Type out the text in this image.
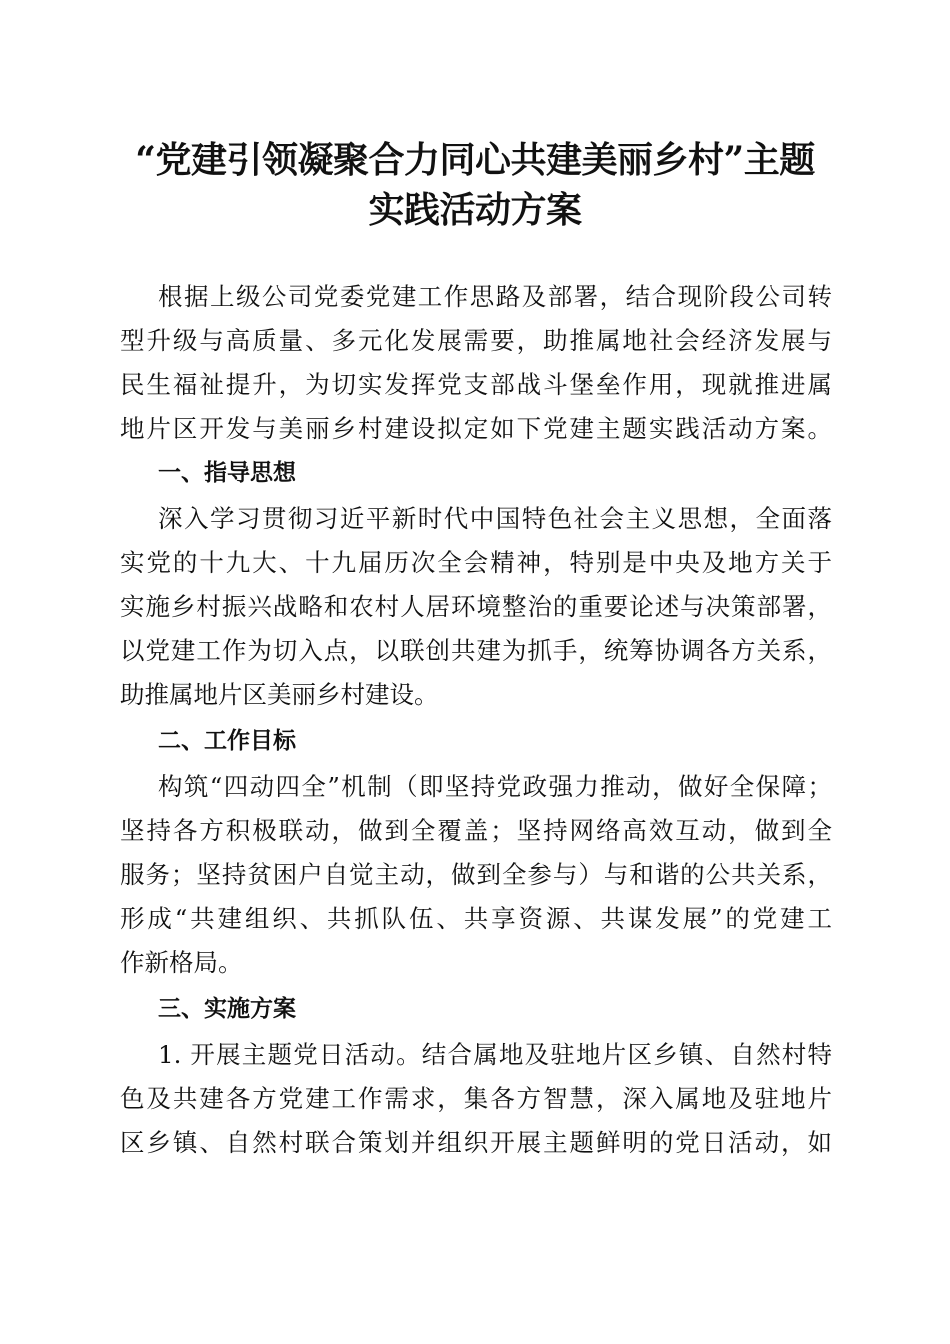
“党建引领凝聚合力同心共建美丽乡村”主题
实践活动方案
根据上级公司党委党建工作思路及部署，结合现阶段公司转
型升级与高质量、多元化发展需要，助推属地社会经济发展与
民生福祉提升，为切实发挥党支部战斗堡垒作用，现就推进属
地片区开发与美丽乡村建设拟定如下党建主题实践活动方案。
一、指导思想
深入学习贯彻习近平新时代中国特色社会主义思想，全面落
实党的十九大、十九届历次全会精神，特别是中央及地方关于
实施乡村振兴战略和农村人居环境整治的重要论述与决策部署，
以党建工作为切入点，以联创共建为抓手，统筹协调各方关系，
助推属地片区美丽乡村建设。
二、工作目标
构筑“四动四全”机制（即坚持党政强力推动，做好全保障；
坚持各方积极联动，做到全覆盖；坚持网络高效互动，做到全
服务；坚持贫困户自觉主动，做到全参与）与和谐的公共关系，
形成“共建组织、共抓队伍、共享资源、共谋发展”的党建工
作新格局。
三、实施方案
1. 开展主题党日活动。结合属地及驻地片区乡镇、自然村特
色及共建各方党建工作需求，集各方智慧，深入属地及驻地片
区乡镇、自然村联合策划并组织开展主题鲜明的党日活动，如
